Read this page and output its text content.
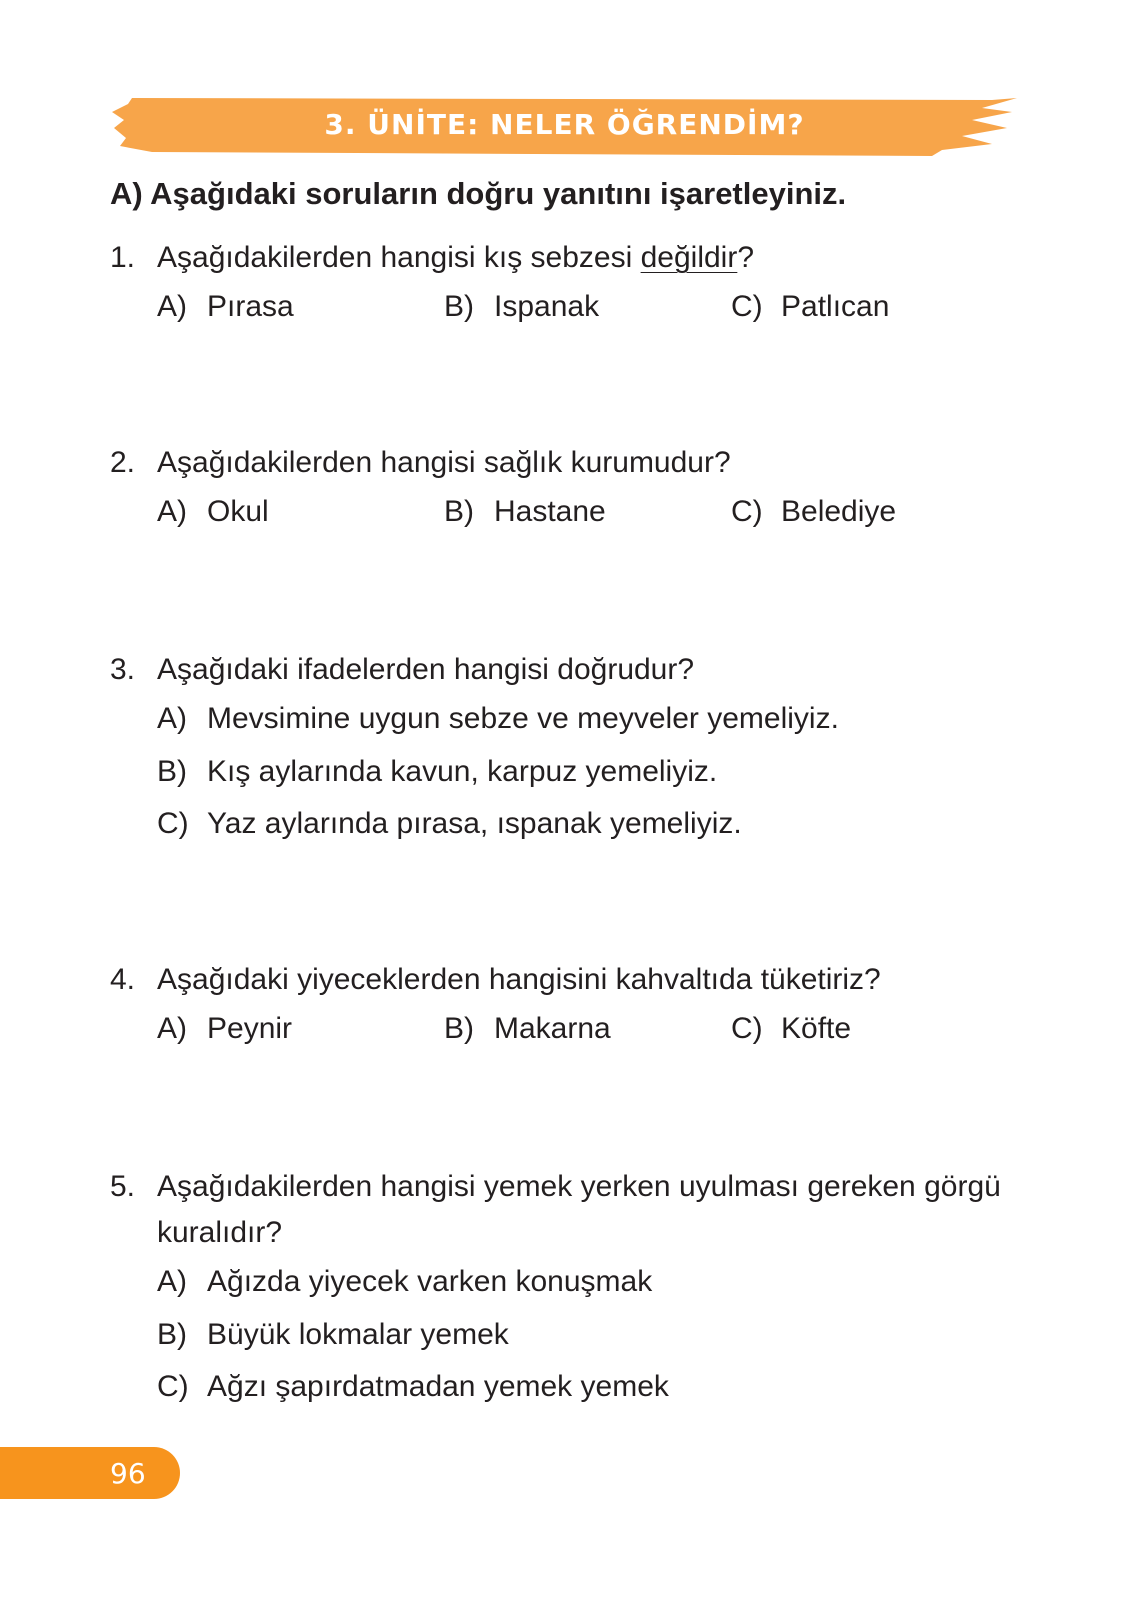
3. ÜNİTE: NELER ÖĞRENDİM?
A) Aşağıdaki soruların doğru yanıtını işaretleyiniz.
1. Aşağıdakilerden hangisi kış sebzesi değildir?
A) Pırasa	B) Ispanak	C) Patlıcan
2. Aşağıdakilerden hangisi sağlık kurumudur?
A) Okul	B) Hastane	C) Belediye
3. Aşağıdaki ifadelerden hangisi doğrudur?
A) Mevsimine uygun sebze ve meyveler yemeliyiz.
B) Kış aylarında kavun, karpuz yemeliyiz.
C) Yaz aylarında pırasa, ıspanak yemeliyiz.
4. Aşağıdaki yiyeceklerden hangisini kahvaltıda tüketiriz?
A) Peynir	B) Makarna	C) Köfte
5. Aşağıdakilerden hangisi yemek yerken uyulması gereken görgü kuralıdır?
A) Ağızda yiyecek varken konuşmak
B) Büyük lokmalar yemek
C) Ağzı şapırdatmadan yemek yemek
96
